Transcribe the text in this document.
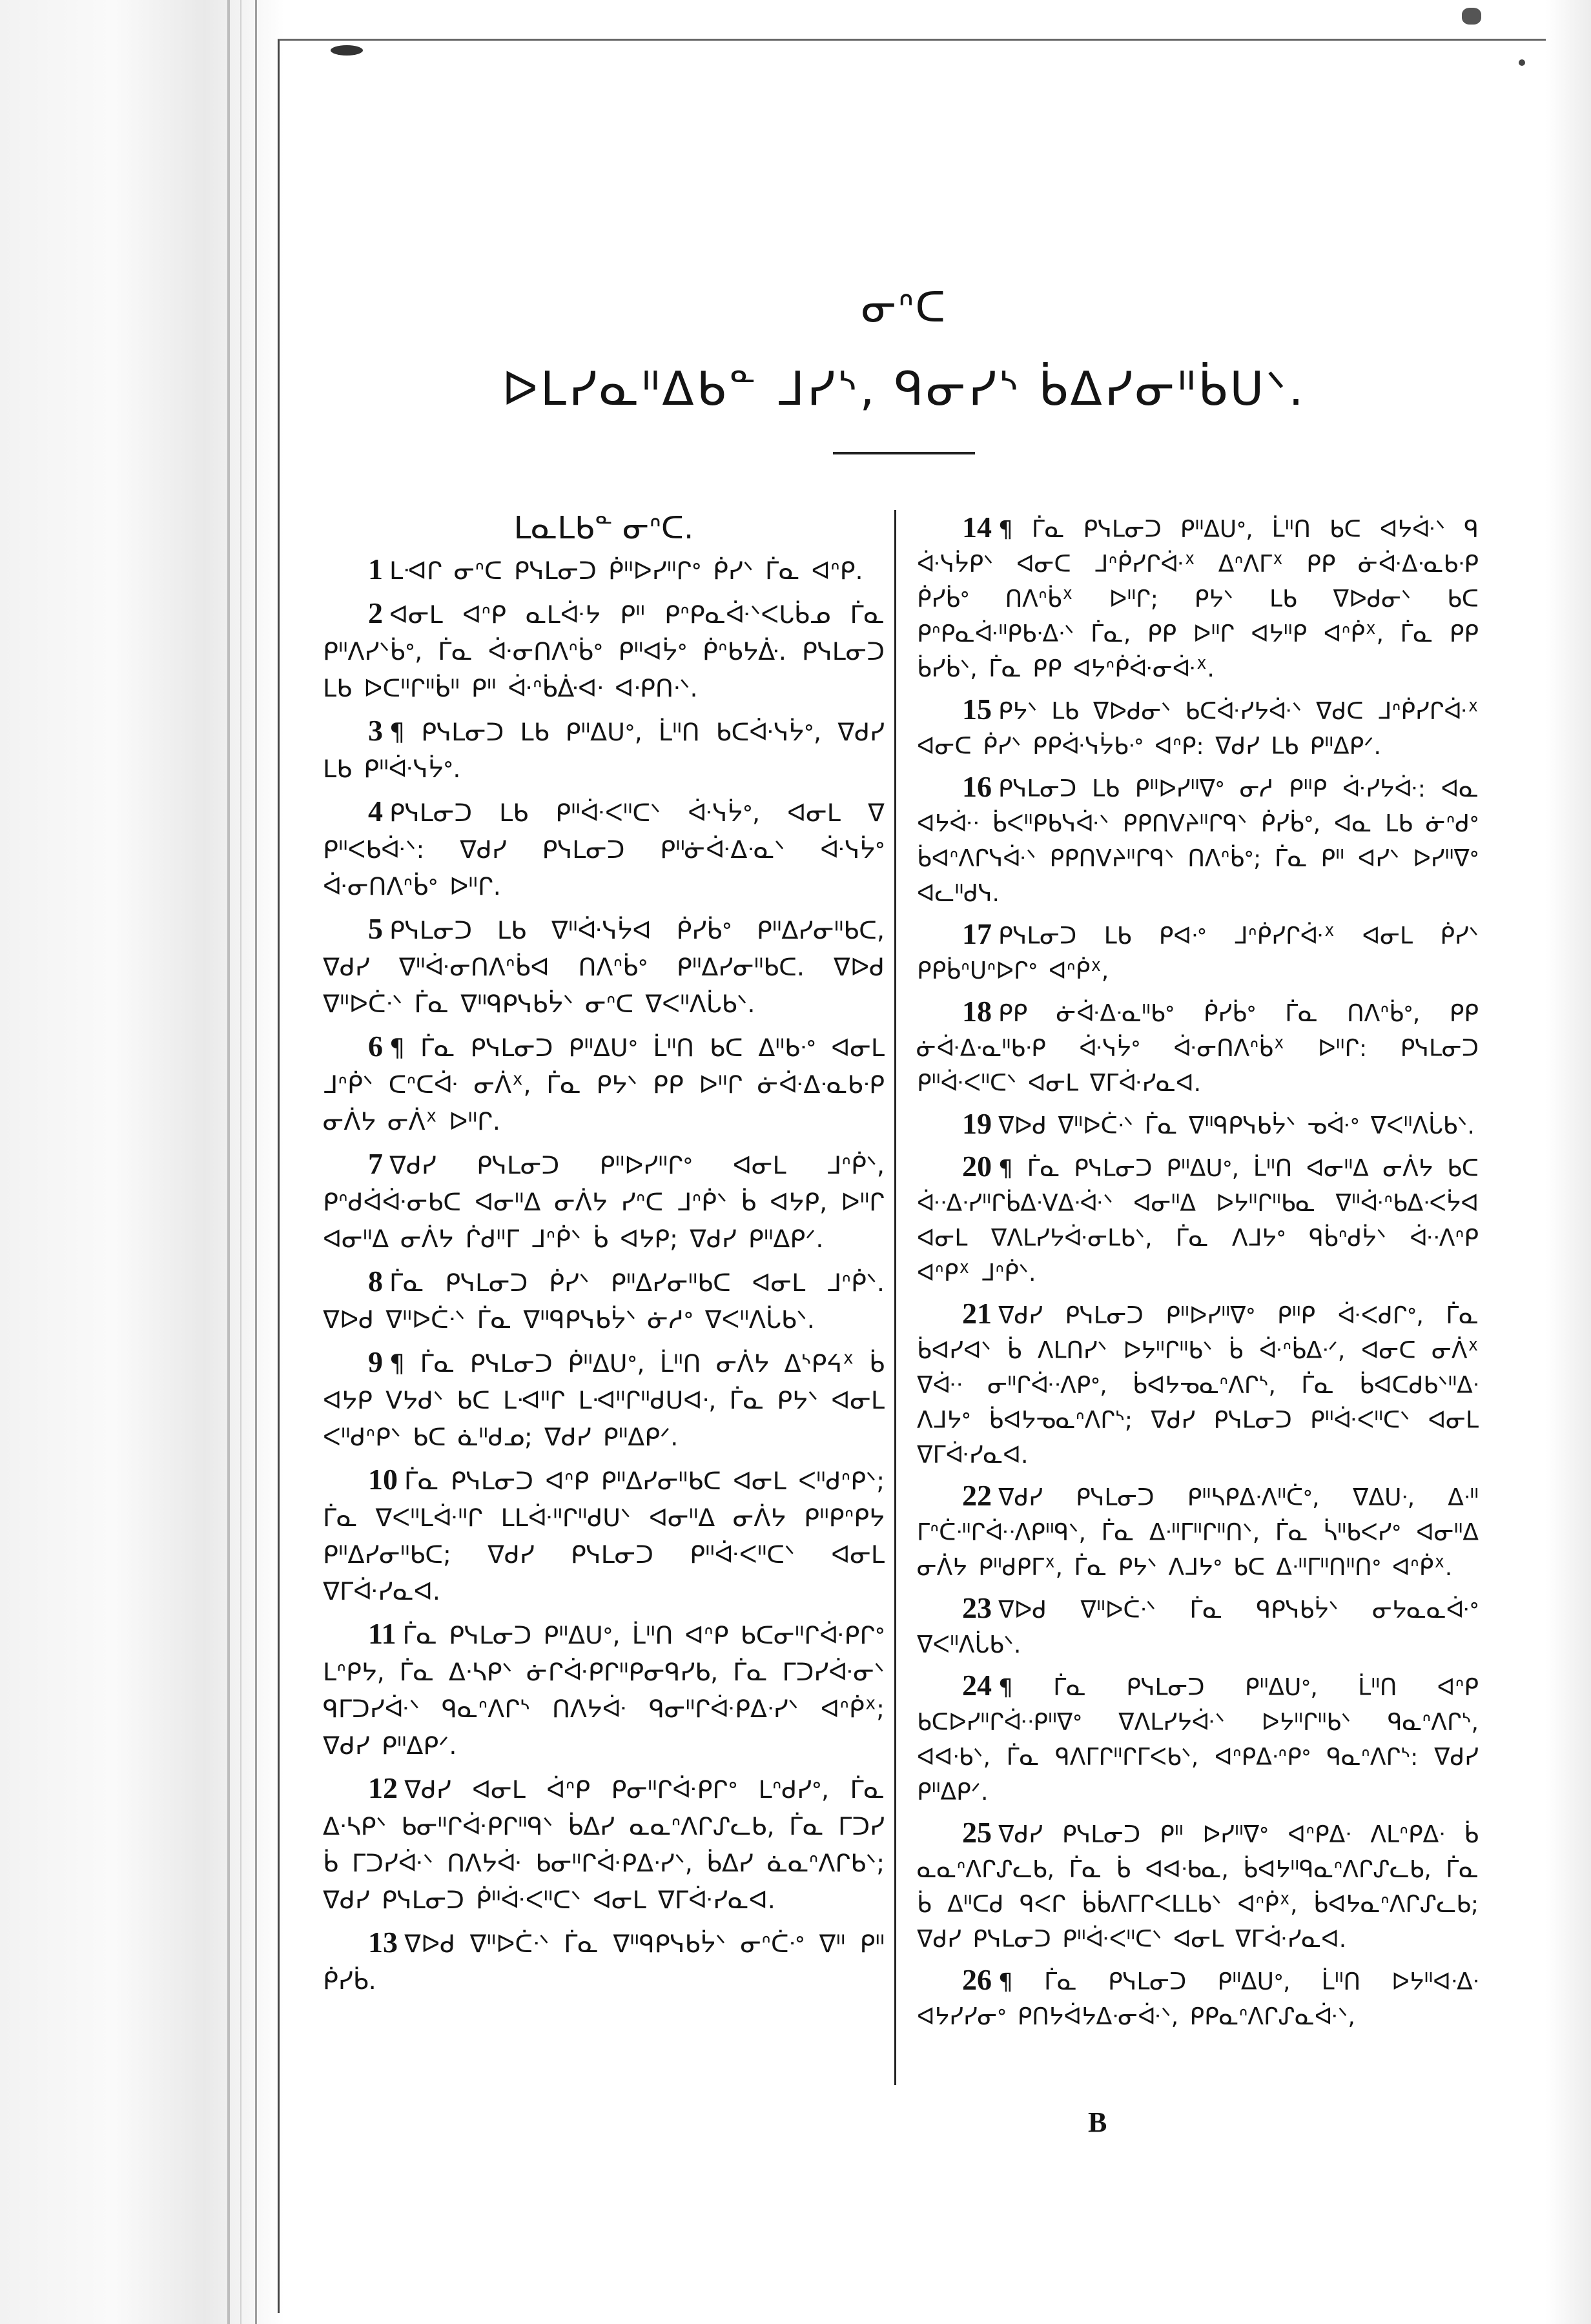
ᓂᐢᑕ
ᐅᒪᓯᓇᐦᐃᑲᓐ ᒧᓯᔅ, ᑫᓂᓯᔅ ᑳᐃᓯᓂᐦᑳᑌᐠ.

ᒪᓇᒪᑲᓐ ᓂᐢᑕ.

1 ᒪᐗᒋ ᓂᐢᑕ ᑭᓭᒪᓂᑐ ᑮᐦᐅᓯᐦᒋᐤ ᑮᓯᐠ ᒦᓇ ᐊᐢᑭ.

2 ᐊᓂᒪ ᐊᐢᑭ ᓇᒪᐚᔭ ᑭᐦ ᑭᐢᑭᓇᐚᐠᐸᒐᑳᓄ ᒦᓇ ᑭᐦᐱᓯᐠᑳᐤ, ᒦᓇ ᐚᓂᑎᐱᐢᑳᐤ ᑭᐦᐊᔮᐤ ᑮᐢᑲᔭᐑ. ᑭᓭᒪᓂᑐ ᒪᑲ ᐅᑕᐦᒋᐦᑳᐦ ᑭᐦ ᐚᐢᑳᐑᐊᐧ ᐊᐧᑭᑎᐧᐠ.

3 ¶ ᑭᓭᒪᓂᑐ ᒪᑲ ᑭᐦᐃᑌᐤ, ᒫᐦᑎ ᑲᑕᐚᓭᔮᐤ, ᐁᑯᓯ ᒪᑲ ᑭᐦᐚᓭᔮᐤ.

4 ᑭᓭᒪᓂᑐ ᒪᑲ ᑭᐦᐚᐸᐦᑕᐠ ᐚᓭᔮᐤ, ᐊᓂᒪ ᐁ ᑭᐦᐸᑲᐚᐠ: ᐁᑯᓯ ᑭᓭᒪᓂᑐ ᑭᐦᓃᐚᐃᐧᓇᐠ ᐚᓭᔮᐤ ᐚᓂᑎᐱᐢᑳᐤ ᐅᐦᒋ.

5 ᑭᓭᒪᓂᑐ ᒪᑲ ᐁᐦᐚᓭᔮᐊ ᑮᓯᑳᐤ ᑭᐦᐃᓯᓂᐦᑲᑕ, ᐁᑯᓯ ᐁᐦᐚᓂᑎᐱᐢᑳᐊ ᑎᐱᐢᑳᐤ ᑭᐦᐃᓯᓂᐦᑲᑕ. ᐁᐅᑯ ᐁᐦᐅᑖᐧᐠ ᒦᓇ ᐁᐦᑫᑭᓭᑲᔮᐠ ᓂᐢᑕ ᐁᐸᐦᐱᒑᑲᐠ.

6 ¶ ᒦᓇ ᑭᓭᒪᓂᑐ ᑭᐦᐃᑌᐤ ᒫᐦᑎ ᑲᑕ ᐃᐦᑲᐧᐤ ᐊᓂᒪ ᒧᐢᑮᐠ ᑕᐢᑕᐚ ᓂᐲᕽ, ᒦᓇ ᑭᔭᐠ ᑭᑭ ᐅᐦᒋ ᓃᐚᐃᐧᓇᑲᐧᑭ ᓂᐲᔭ ᓂᐲᕽ ᐅᐦᒋ.

7 ᐁᑯᓯ ᑭᓭᒪᓂᑐ ᑭᐦᐅᓯᐦᒋᐤ ᐊᓂᒪ ᒧᐢᑮᐠ, ᑭᐢᑯᐋᐚᓂᑲᑕ ᐊᓂᐦᐃ ᓂᐲᔭ ᓯᐢᑕ ᒧᐢᑮᐠ ᑳ ᐊᔭᑭ, ᐅᐦᒋ ᐊᓂᐦᐃ ᓂᐲᔭ ᒌᑯᐦᒥ ᒧᐢᑮᐠ ᑳ ᐊᔭᑭ; ᐁᑯᓯ ᑭᐦᐃᑭᐟ.

8 ᒦᓇ ᑭᓭᒪᓂᑐ ᑮᓯᐠ ᑭᐦᐃᓯᓂᐦᑲᑕ ᐊᓂᒪ ᒧᐢᑮᐠ. ᐁᐅᑯ ᐁᐦᐅᑖᐧᐠ ᒦᓇ ᐁᐦᑫᑭᓭᑲᔮᐠ ᓃᓱᐤ ᐁᐸᐦᐱᒑᑲᐠ.

9 ¶ ᒦᓇ ᑭᓭᒪᓂᑐ ᑮᐦᐃᑌᐤ, ᒫᐦᑎ ᓂᐲᔭ ᐃᔅᑭᔦᕽ ᑳ ᐊᔭᑭ ᐯᔭᑯᐠ ᑲᑕ ᒪᐗᐦᒋ ᒪᐗᐦᒋᐦᑯᑌᐊᐧ, ᒦᓇ ᑭᔭᐠ ᐊᓂᒪ ᐸᐦᑯᐢᑭᐠ ᑲᑕ ᓈᐦᑯᓄ; ᐁᑯᓯ ᑭᐦᐃᑭᐟ.

10 ᒦᓇ ᑭᓭᒪᓂᑐ ᐊᐢᑭ ᑭᐦᐃᓯᓂᐦᑲᑕ ᐊᓂᒪ ᐸᐦᑯᐢᑭᐠ; ᒦᓇ ᐁᐸᐦᒪᐚᐦᒋ ᒪᒪᐚᐦᒋᐦᑯᑌᐠ ᐊᓂᐦᐃ ᓂᐲᔭ ᑭᐦᑭᐢᑭᔭ ᑭᐦᐃᓯᓂᐦᑲᑕ; ᐁᑯᓯ ᑭᓭᒪᓂᑐ ᑭᐦᐚᐸᐦᑕᐠ ᐊᓂᒪ ᐁᒥᐚᓯᓇᐊ.

11 ᒦᓇ ᑭᓭᒪᓂᑐ ᑭᐦᐃᑌᐤ, ᒫᐦᑎ ᐊᐢᑭ ᑲᑕᓂᐦᒋᐚᑭᒋᐤ ᒪᐢᑭᔭ, ᒦᓇ ᐃᐧᓴᑭᐠ ᓃᒋᐚᑭᒋᐦᑭᓂᑫᓯᑲ, ᒦᓇ ᒥᑐᓯᐚᓂᐠ ᑫᒥᑐᓯᐚᐠ ᑫᓇᐢᐱᒋᔅ ᑎᐱᔭᐚ ᑫᓂᐦᒋᐚᑭᐃᐧᓯᐠ ᐊᐢᑮᕽ; ᐁᑯᓯ ᑭᐦᐃᑭᐟ.

12 ᐁᑯᓯ ᐊᓂᒪ ᐋᐢᑭ ᑭᓂᐦᒋᐚᑭᒋᐤ ᒪᐢᑯᓯᐤ, ᒦᓇ ᐃᐧᓴᑭᐠ ᑲᓂᐦᒋᐚᑭᒋᐦᑫᐠ ᑳᐃᓯ ᓇᓇᐢᐱᒋᔑᓚᑲ, ᒦᓇ ᒥᑐᓯ ᑳ ᒥᑐᓯᐚᐠ ᑎᐱᔭᐚ ᑲᓂᐦᒋᐚᑭᐃᐧᓯᐠ, ᑳᐃᓯ ᓈᓇᐢᐱᒋᑲᐠ; ᐁᑯᓯ ᑭᓭᒪᓂᑐ ᑮᐦᐚᐸᐦᑕᐠ ᐊᓂᒪ ᐁᒥᐚᓯᓇᐊ.

13 ᐁᐅᑯ ᐁᐦᐅᑖᐧᐠ ᒦᓇ ᐁᐦᑫᑭᓭᑲᔮᐠ ᓂᐢᑖᐧᐤ ᐁᐦ ᑭᐦ ᑮᓯᑳ.

14 ¶ ᒦᓇ ᑭᓭᒪᓂᑐ ᑭᐦᐃᑌᐤ, ᒫᐦᑎ ᑲᑕ ᐊᔭᐚᐠ ᑫ ᐚᓭᔮᑭᐠ ᐊᓂᑕ ᒧᐢᑮᓯᒋᐚᕽ ᐃᐢᐱᒥᕽ ᑭᑭ ᓃᐚᐃᐧᓇᑲᐧᑭ ᑮᓯᑳᐤ ᑎᐱᐢᑳᕽ ᐅᐦᒋ; ᑭᔭᐠ ᒪᑲ ᐁᐅᑯᓂᐠ ᑲᑕ ᑭᐢᑭᓇᐚᐦᑭᑲᐧᐃᐧᐠ ᒦᓇ, ᑭᑭ ᐅᐦᒋ ᐊᔭᐦᑭ ᐊᐢᑮᕽ, ᒦᓇ ᑭᑭ ᑳᓯᑳᐠ, ᒦᓇ ᑭᑭ ᐊᔭᐢᑮᐚᓂᐚᕽ.

15 ᑭᔭᐠ ᒪᑲ ᐁᐅᑯᓂᐠ ᑲᑕᐚᓯᔭᐚᐠ ᐁᑯᑕ ᒧᐢᑮᓯᒋᐚᕽ ᐊᓂᑕ ᑮᓯᐠ ᑭᑭᐚᓭᔮᑲᐧᐤ ᐊᐢᑭ: ᐁᑯᓯ ᒪᑲ ᑭᐦᐃᑭᐟ.

16 ᑭᓭᒪᓂᑐ ᒪᑲ ᑭᐦᐅᓯᐦᐁᐤ ᓂᓱ ᑭᐦᑭ ᐚᓯᔭᐚ: ᐊᓇ ᐊᔭᐚᐧ ᑳᐸᐦᑭᑲᓭᐚᐠ ᑭᑭᑎᐯᔨᐦᒋᑫᐠ ᑮᓯᑳᐤ, ᐊᓇ ᒪᑲ ᓃᐢᑯᐤ ᑳᐊᐢᐱᒋᓭᐚᐠ ᑭᑭᑎᐯᔨᐦᒋᑫᐠ ᑎᐱᐢᑳᐤ; ᒦᓇ ᑭᐦ ᐊᓯᐠ ᐅᓯᐦᐁᐤ ᐊᓚᐦᑯᓭ.

17 ᑭᓭᒪᓂᑐ ᒪᑲ ᑭᐊᐧᐤ ᒧᐢᑮᓯᒋᐚᕽ ᐊᓂᒪ ᑮᓯᐠ ᑭᑭᑳᐢᑌᐢᐅᒋᐤ ᐊᐢᑮᕽ,

18 ᑭᑭ ᓃᐚᐃᐧᓇᐦᑲᐤ ᑮᓯᑳᐤ ᒦᓇ ᑎᐱᐢᑳᐤ, ᑭᑭ ᓃᐚᐃᐧᓇᐦᑲᐧᑭ ᐚᓭᔮᐤ ᐚᓂᑎᐱᐢᑳᕽ ᐅᐦᒋ: ᑭᓭᒪᓂᑐ ᑭᐦᐚᐸᐦᑕᐠ ᐊᓂᒪ ᐁᒥᐚᓯᓇᐊ.

19 ᐁᐅᑯ ᐁᐦᐅᑖᐧᐠ ᒦᓇ ᐁᐦᑫᑭᓭᑲᔮᐠ ᓀᐚᐤ ᐁᐸᐦᐱᒑᑲᐠ.

20 ¶ ᒦᓇ ᑭᓭᒪᓂᑐ ᑭᐦᐃᑌᐤ, ᒫᐦᑎ ᐊᓂᐦᐃ ᓂᐲᔭ ᑲᑕ ᐚᐧᐃᐧᓯᐦᒋᑳᐃᐧᐯᐃᐧᐚᐠ ᐊᓂᐦᐃ ᐅᔭᐦᒋᐦᑲᓇ ᐁᐦᐚᐢᑲᐃᐧᐸᔮᐊ ᐊᓂᒪ ᐁᐱᒪᓯᔭᐚᓂᒪᑲᐠ, ᒦᓇ ᐱᒧᔭᐤ ᑫᑳᐢᑯᔮᐠ ᐚᐧᐱᐢᑭ ᐊᐢᑭᕽ ᒧᐢᑮᐠ.

21 ᐁᑯᓯ ᑭᓭᒪᓂᑐ ᑭᐦᐅᓯᐦᐁᐤ ᑭᐦᑭ ᐚᐸᑯᒋᐤ, ᒦᓇ ᑳᐊᓯᐊᐠ ᑳ ᐱᒪᑎᓯᐠ ᐅᔭᐦᒋᐦᑲᐠ ᑳ ᐚᐢᑳᐃᐧᐟ, ᐊᓂᑕ ᓂᐲᕽ ᐁᐚᐧ ᓂᐦᒋᐚᐧᐱᑭᐤ, ᑳᐊᔭᓀᓇᐢᐱᒋᔅ, ᒦᓇ ᑳᐊᑕᑯᑲᐠᐦᐃᐧ ᐱᒧᔭᐤ ᑳᐊᔭᓀᓇᐢᐱᒋᔅ; ᐁᑯᓯ ᑭᓭᒪᓂᑐ ᑭᐦᐚᐸᐦᑕᐠ ᐊᓂᒪ ᐁᒥᐚᓯᓇᐊ.

22 ᐁᑯᓯ ᑭᓭᒪᓂᑐ ᑭᐦᓴᑭᐃᐧᐱᐦᑖᐤ, ᐁᐃᑌᐧ, ᐃᐧᐦ ᒥᐢᑖᐧᐦᒋᐚᐧᐱᑭᐦᑫᐠ, ᒦᓇ ᐃᐧᐦᒥᐦᒋᐦᑎᐠ, ᒦᓇ ᓵᐦᑲᐸᓯᐤ ᐊᓂᐦᐃ ᓂᐲᔭ ᑭᐦᑯᑭᒥᕽ, ᒦᓇ ᑭᔭᐠ ᐱᒧᔭᐤ ᑲᑕ ᐃᐧᐦᒥᐦᑎᐦᑎᐤ ᐊᐢᑮᕽ.

23 ᐁᐅᑯ ᐁᐦᐅᑖᐧᐠ ᒦᓇ ᑫᑭᓭᑲᔮᐠ ᓂᔭᓇᓇᐚᐤ ᐁᐸᐦᐱᒑᑲᐠ.

24 ¶ ᒦᓇ ᑭᓭᒪᓂᑐ ᑭᐦᐃᑌᐤ, ᒫᐦᑎ ᐊᐢᑭ ᑲᑕᐅᓯᐦᒋᐚᐧᑭᐦᐁᐤ ᐁᐱᒪᓯᔭᐚᐠ ᐅᔭᐦᒋᐦᑲᐠ ᑫᓇᐢᐱᒋᔅ, ᐊᐊᐧᑲᐠ, ᒦᓇ ᑫᐱᒥᒋᐦᒋᒥᐸᑲᐠ, ᐊᐢᑭᐃᐧᐢᑭᐤ ᑫᓇᐢᐱᒋᔅ: ᐁᑯᓯ ᑭᐦᐃᑭᐟ.

25 ᐁᑯᓯ ᑭᓭᒪᓂᑐ ᑭᐦ ᐅᓯᐦᐁᐤ ᐊᐢᑭᐃᐧ ᐱᒪᐢᑭᐃᐧ ᑳ ᓇᓇᐢᐱᒋᔑᓚᑲ, ᒦᓇ ᑳ ᐊᐊᐧᑲᓇ, ᑳᐊᔭᐦᑫᓇᐢᐱᒋᔑᓚᑲ, ᒦᓇ ᑳ ᐃᐦᑕᑯ ᑫᐸᒋ ᑳᑳᐱᒥᒋᐸᒪᒪᑲᐠ ᐊᐢᑮᕽ, ᑳᐊᔭᓇᐢᐱᒋᔑᓚᑲ; ᐁᑯᓯ ᑭᓭᒪᓂᑐ ᑭᐦᐚᐸᐦᑕᐠ ᐊᓂᒪ ᐁᒥᐚᓯᓇᐊ.

26 ¶ ᒦᓇ ᑭᓭᒪᓂᑐ ᑭᐦᐃᑌᐤ, ᒫᐦᑎ ᐅᔭᐦᐊᐧᐃᐧ ᐊᔭᓯᓯᓂᐤ ᑭᑎᔭᐋᔭᐃᐧᓂᐚᐠ, ᑭᑭᓇᐢᐱᒋᔑᓇᐚᐠ,

B
